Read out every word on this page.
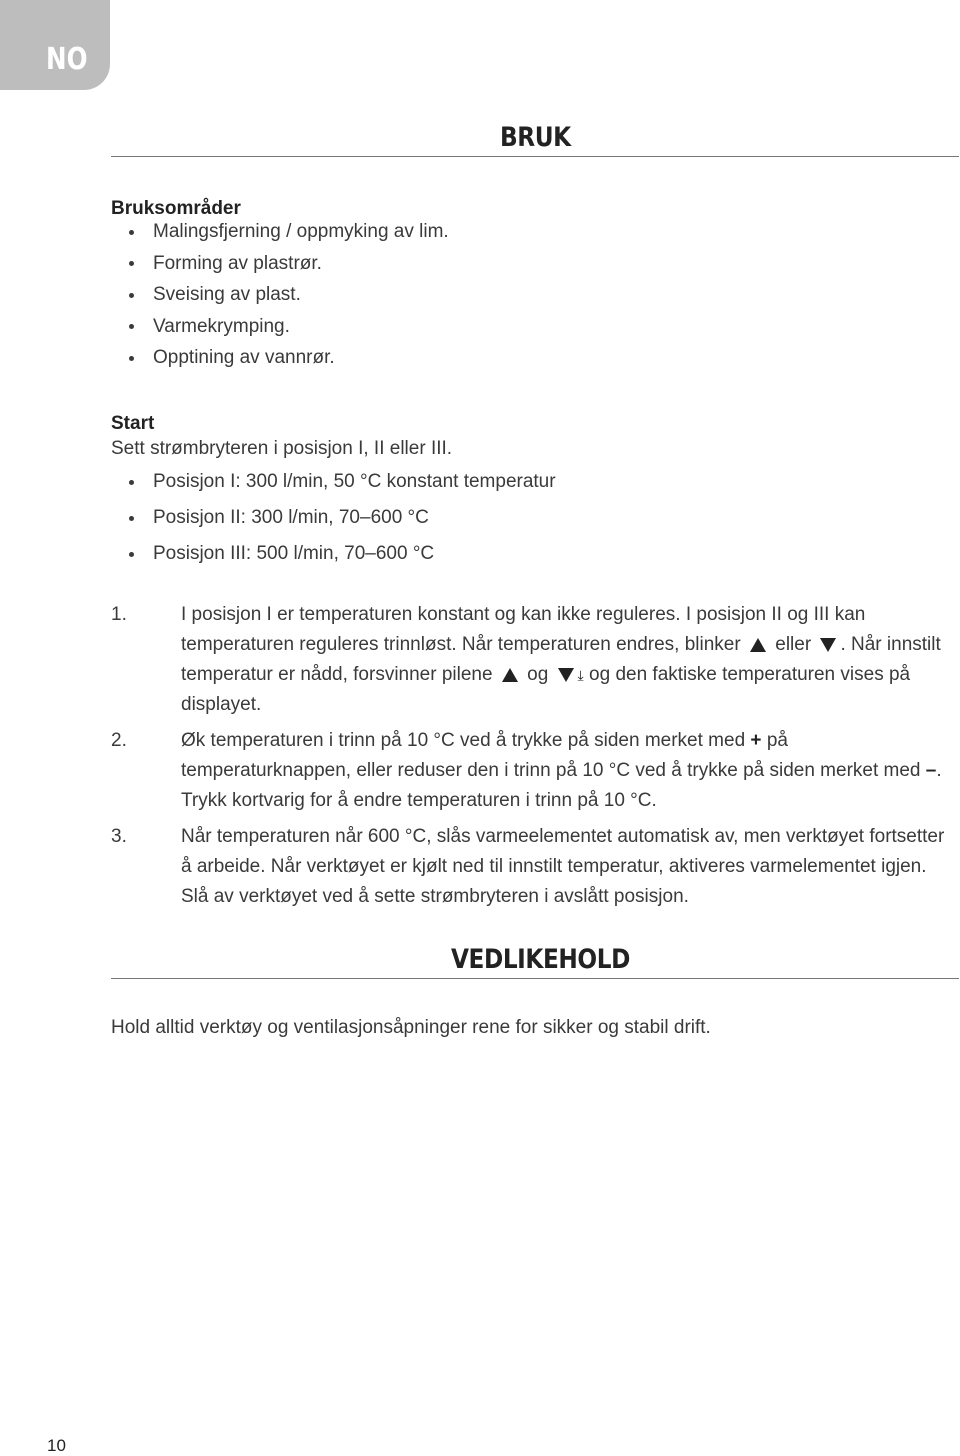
NO
BRUK
Bruksområder
Malingsfjerning / oppmyking av lim.
Forming av plastrør.
Sveising av plast.
Varmekrymping.
Opptining av vannrør.
Start
Sett strømbryteren i posisjon I, II eller III.
Posisjon I: 300 l/min, 50 °C konstant temperatur
Posisjon II: 300 l/min, 70–600 °C
Posisjon III: 500 l/min, 70–600 °C
1.	I posisjon I er temperaturen konstant og kan ikke reguleres. I posisjon II og III kan temperaturen reguleres trinnløst. Når temperaturen endres, blinker eller . Når innstilt temperatur er nådd, forsvinner pilene og ⤓ og den faktiske temperaturen vises på displayet.
2.	Øk temperaturen i trinn på 10 °C ved å trykke på siden merket med + på temperaturknappen, eller reduser den i trinn på 10 °C ved å trykke på siden merket med –. Trykk kortvarig for å endre temperaturen i trinn på 10 °C.
3.	Når temperaturen når 600 °C, slås varmeelementet automatisk av, men verktøyet fortsetter å arbeide. Når verktøyet er kjølt ned til innstilt temperatur, aktiveres varmelementet igjen. Slå av verktøyet ved å sette strømbryteren i avslått posisjon.
VEDLIKEHOLD
Hold alltid verktøy og ventilasjonsåpninger rene for sikker og stabil drift.
10
